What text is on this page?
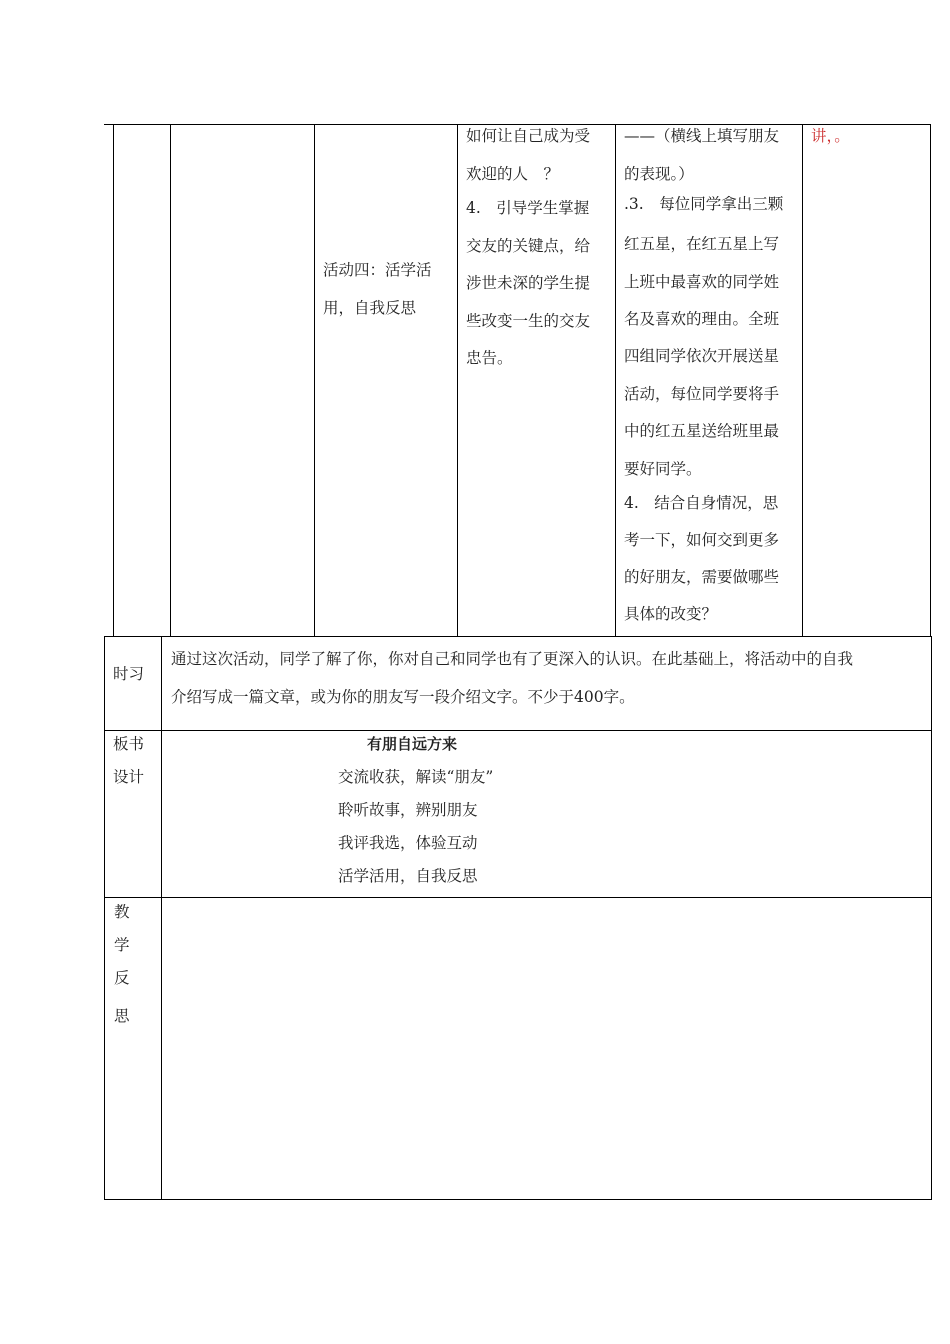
活动四：活学活
用，自我反思
如何让自己成为受
欢迎的人　？
4.　引导学生掌握
交友的关键点，给
涉世未深的学生提
些改变一生的交友
忠告。
——（横线上填写朋友
的表现。）
.3.　每位同学拿出三颗
红五星，在红五星上写
上班中最喜欢的同学姓
名及喜欢的理由。全班
四组同学依次开展送星
活动，每位同学要将手
中的红五星送给班里最
要好同学。
4.　结合自身情况，思
考一下，如何交到更多
的好朋友，需要做哪些
具体的改变？
讲，。
时习
通过这次活动，同学了解了你，你对自己和同学也有了更深入的认识。在此基础上，将活动中的自我
介绍写成一篇文章，或为你的朋友写一段介绍文字。不少于400字。
板书
设计
有朋自远方来
交流收获，解读“朋友”
聆听故事，辨别朋友
我评我选，体验互动
活学活用，自我反思
教
学
反
思
